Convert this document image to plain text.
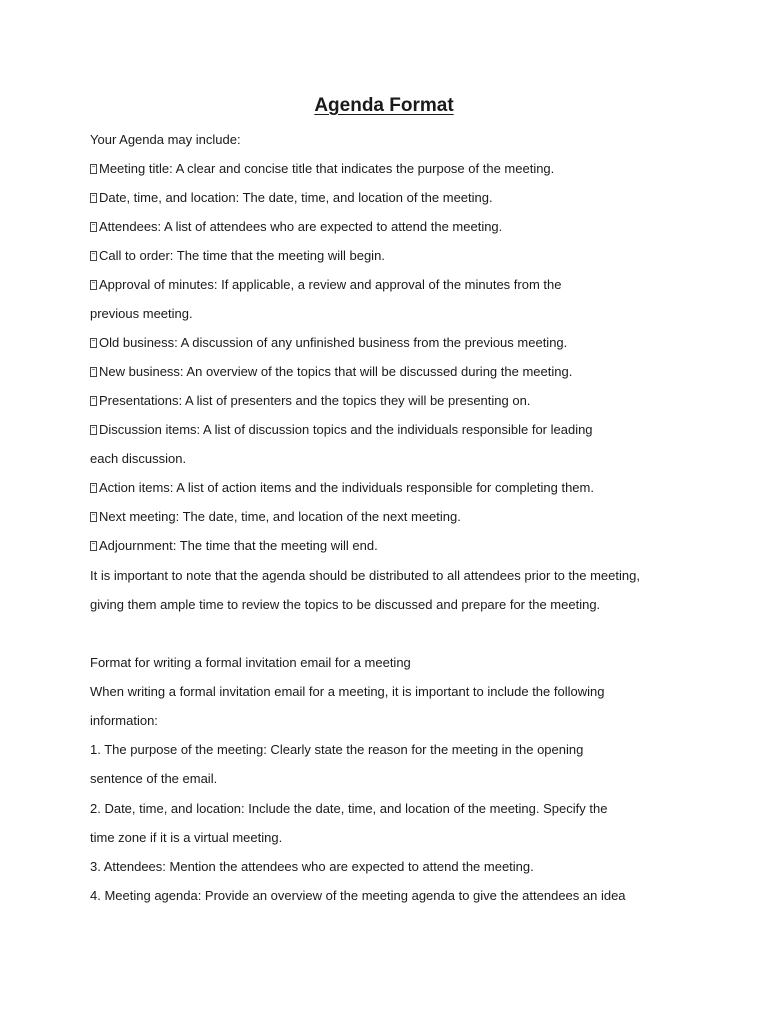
Agenda Format
Your Agenda may include:
Meeting title: A clear and concise title that indicates the purpose of the meeting.
Date, time, and location: The date, time, and location of the meeting.
Attendees: A list of attendees who are expected to attend the meeting.
Call to order: The time that the meeting will begin.
Approval of minutes: If applicable, a review and approval of the minutes from the
previous meeting.
Old business: A discussion of any unfinished business from the previous meeting.
New business: An overview of the topics that will be discussed during the meeting.
Presentations: A list of presenters and the topics they will be presenting on.
Discussion items: A list of discussion topics and the individuals responsible for leading
each discussion.
Action items: A list of action items and the individuals responsible for completing them.
Next meeting: The date, time, and location of the next meeting.
Adjournment: The time that the meeting will end.
It is important to note that the agenda should be distributed to all attendees prior to the meeting,
giving them ample time to review the topics to be discussed and prepare for the meeting.
Format for writing a formal invitation email for a meeting
When writing a formal invitation email for a meeting, it is important to include the following
information:
1. The purpose of the meeting: Clearly state the reason for the meeting in the opening
sentence of the email.
2. Date, time, and location: Include the date, time, and location of the meeting. Specify the
time zone if it is a virtual meeting.
3. Attendees: Mention the attendees who are expected to attend the meeting.
4. Meeting agenda: Provide an overview of the meeting agenda to give the attendees an idea
